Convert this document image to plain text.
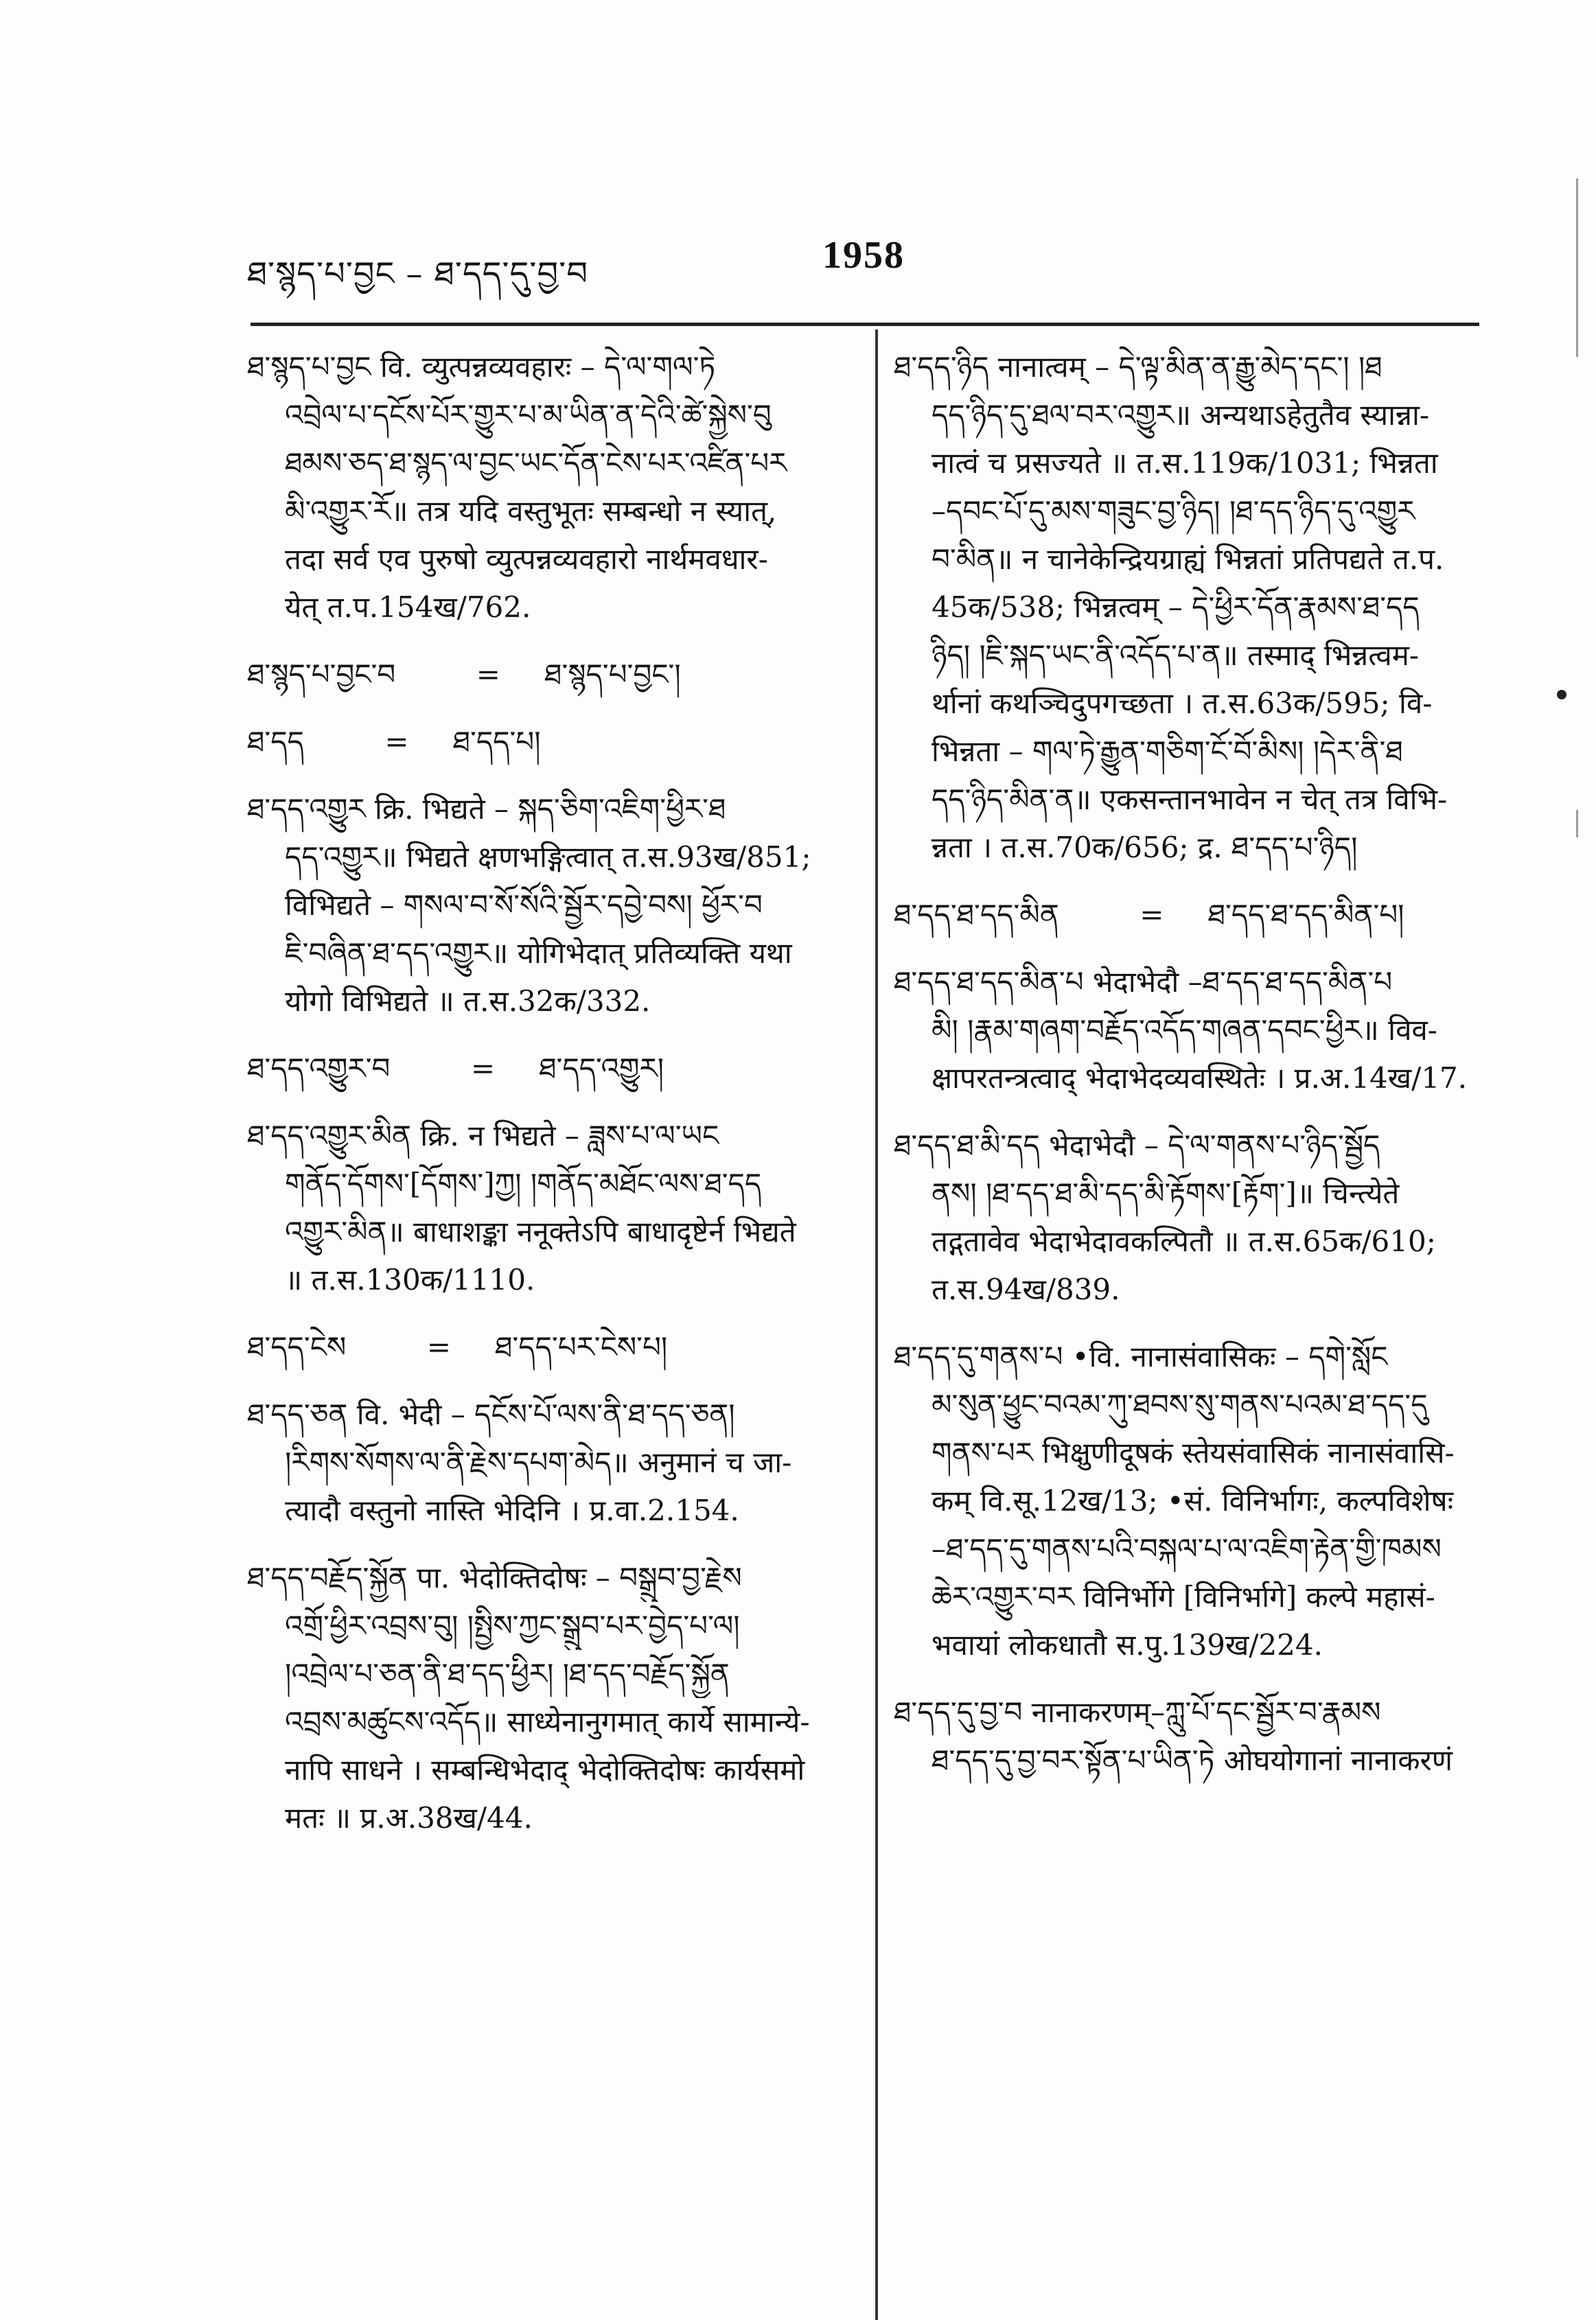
ཐ་སྙད་པ་བྱང – ཐ་དད་དུ་བྱ་བ	1958
ཐ་སྙད་པ་བྱང वि. व्युत्पन्नव्यवहारः – དེ་ལ་གལ་ཏེ
འབྲེལ་པ་དངོས་པོར་གྱུར་པ་མ་ཡིན་ན་དེའི་ཚེ་སྐྱེས་བུ
ཐམས་ཅད་ཐ་སྙད་ལ་བྱང་ཡང་དོན་ངེས་པར་འཛིན་པར
མི་འགྱུར་རོ॥ तत्र यदि वस्तुभूतः सम्बन्धो न स्यात्,
तदा सर्व एव पुरुषो व्युत्पन्नव्यवहारो नार्थमवधार-
येत् त.प.154ख/762.
ཐ་སྙད་པ་བྱང་བ	= ཐ་སྙད་པ་བྱང་།
ཐ་དད	= ཐ་དད་པ།
ཐ་དད་འགྱུར क्रि. भिद्यते – སྐད་ཅིག་འཇིག་ཕྱིར་ཐ
དད་འགྱུར॥ भिद्यते क्षणभङ्गित्वात् त.स.93ख/851;
विभिद्यते – གསལ་བ་སོ་སོའི་སྦྱོར་དབྱེ་བས། ཕྱོར་བ
ཇི་བཞིན་ཐ་དད་འགྱུར॥ योगिभेदात् प्रतिव्यक्ति यथा
योगो विभिद्यते ॥ त.स.32क/332.
ཐ་དད་འགྱུར་བ	= ཐ་དད་འགྱུར།
ཐ་དད་འགྱུར་མིན क्रि. न भिद्यते – ཟླས་པ་ལ་ཡང
གནོད་དོགས་[དོགས་]ཀྱ། །གནོད་མཐོང་ལས་ཐ་དད
འགྱུར་མིན॥ बाधाशङ्का ननूक्तेऽपि बाधादृष्टेर्न भिद्यते
॥ त.स.130क/1110.
ཐ་དད་ངེས	= ཐ་དད་པར་ངེས་པ།
ཐ་དད་ཅན वि. भेदी – དངོས་པོ་ལས་ནི་ཐ་དད་ཅན།
།རིགས་སོགས་ལ་ནི་རྗེས་དཔག་མེད॥ अनुमानं च जा-
त्यादौ वस्तुनो नास्ति भेदिनि । प्र.वा.2.154.
ཐ་དད་བརྗོད་སྐྱོན पा. भेदोक्तिदोषः – བསྒྲུབ་བྱ་རྗེས
འགྲོ་ཕྱིར་འབྲས་བུ། །སྤྱིས་ཀྱང་སྒྲུབ་པར་བྱེད་པ་ལ།
།འབྲེལ་པ་ཅན་ནི་ཐ་དད་ཕྱིར། །ཐ་དད་བརྗོད་སྐྱོན
འབྲས་མཚུངས་འདོད॥ साध्येनानुगमात् कार्ये सामान्ये-
नापि साधने । सम्बन्धिभेदाद् भेदोक्तिदोषः कार्यसमो
मतः ॥ प्र.अ.38ख/44.
ཐ་དད་ཉིད नानात्वम् – དེ་ལྟ་མིན་ན་རྒྱུ་མེད་དང་། །ཐ
དད་ཉིད་དུ་ཐལ་བར་འགྱུར॥ अन्यथाऽहेतुतैव स्यान्ना-
नात्वं च प्रसज्यते ॥ त.स.119क/1031; भिन्नता
–དབང་པོ་དུ་མས་གཟུང་བྱ་ཉིད། །ཐ་དད་ཉིད་དུ་འགྱུར
བ་མིན॥ न चानेकेन्द्रियग्राह्यं भिन्नतां प्रतिपद्यते त.प.
45क/538; भिन्नत्वम् – དེ་ཕྱིར་དོན་རྣམས་ཐ་དད
ཉིད། །ཇི་སྐད་ཡང་ནི་འདོད་པ་ན॥ तस्माद् भिन्नत्वम-
र्थानां कथञ्चिदुपगच्छता । त.स.63क/595; वि-
भिन्नता – གལ་ཏེ་རྒྱུན་གཅིག་ངོ་བོ་མིས། །དེར་ནི་ཐ
དད་ཉིད་མིན་ན॥ एकसन्तानभावेन न चेत् तत्र विभि-
न्नता । त.स.70क/656; द्र. ཐ་དད་པ་ཉིད།
ཐ་དད་ཐ་དད་མིན	= ཐ་དད་ཐ་དད་མིན་པ།
ཐ་དད་ཐ་དད་མིན་པ भेदाभेदौ –ཐ་དད་ཐ་དད་མིན་པ
མི། །རྣམ་གཞག་བརྗོད་འདོད་གཞན་དབང་ཕྱིར॥ विव-
क्षापरतन्त्रत्वाद् भेदाभेदव्यवस्थितेः । प्र.अ.14ख/17.
ཐ་དད་ཐ་མི་དད भेदाभेदौ – དེ་ལ་གནས་པ་ཉིད་སྦྱོད
ནས། །ཐ་དད་ཐ་མི་དད་མི་རྟོགས་[རྟོག་]॥ चिन्त्येते
तद्गतावेव भेदाभेदावकल्पितौ ॥ त.स.65क/610;
त.स.94ख/839.
ཐ་དད་དུ་གནས་པ •वि. नानासंवासिकः – དགེ་སློང
མ་སུན་ཕྱུང་བའམ་ཀུ་ཐབས་སུ་གནས་པའམ་ཐ་དད་དུ
གནས་པར भिक्षुणीदूषकं स्तेयसंवासिकं नानासंवासि-
कम् वि.सू.12ख/13; •सं. विनिर्भागः, कल्पविशेषः
–ཐ་དད་དུ་གནས་པའི་བསྐལ་པ་ལ་འཇིག་རྟེན་གྱི་ཁམས
ཆེར་འགྱུར་བར विनिर्भोगे [विनिर्भागे] कल्पे महासं-
भवायां लोकधातौ स.पु.139ख/224.
ཐ་དད་དུ་བྱ་བ नानाकरणम्–ཀླུ་པོ་དང་སྦྱོར་བ་རྣམས
ཐ་དད་དུ་བྱ་བར་སྟོན་པ་ཡིན་ཏེ ओघयोगानां नानाकरणं
